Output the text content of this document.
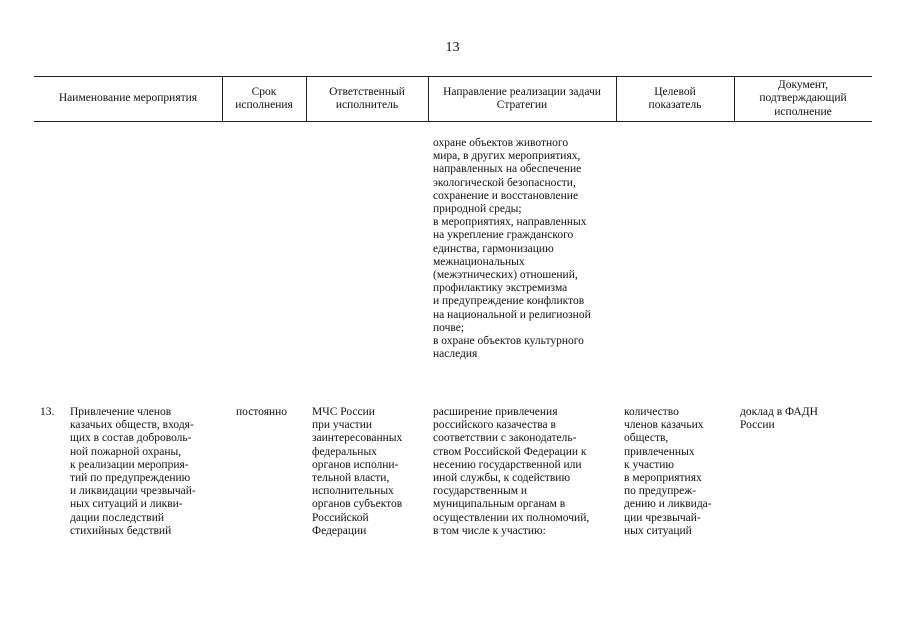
13
Наименование мероприятия
Срок
исполнения
Ответственный
исполнитель
Направление реализации задачи
Стратегии
Целевой
показатель
Документ,
подтверждающий
исполнение
охране объектов животного
мира, в других мероприятиях,
направленных на обеспечение
экологической безопасности,
сохранение и восстановление
природной среды;
в мероприятиях, направленных
на укрепление гражданского
единства, гармонизацию
межнациональных
(межэтнических) отношений,
профилактику экстремизма
и предупреждение конфликтов
на национальной и религиозной
почве;
в охране объектов культурного
наследия
13.	Привлечение членов
казачьих обществ, входя-
щих в состав доброволь-
ной пожарной охраны,
к реализации мероприя-
тий по предупреждению
и ликвидации чрезвычай-
ных ситуаций и ликви-
дации последствий
стихийных бедствий
постоянно	МЧС России
при участии
заинтересованных
федеральных
органов исполни-
тельной власти,
исполнительных
органов субъектов
Российской
Федерации
расширение привлечения
российского казачества в
соответствии с законодатель-
ством Российской Федерации к
несению государственной или
иной службы, к содействию
государственным и
муниципальным органам в
осуществлении их полномочий,
в том числе к участию:
количество
членов казачьих
обществ,
привлеченных
к участию
в мероприятиях
по предупреж-
дению и ликвида-
ции чрезвычай-
ных ситуаций
доклад в ФАДН
России
